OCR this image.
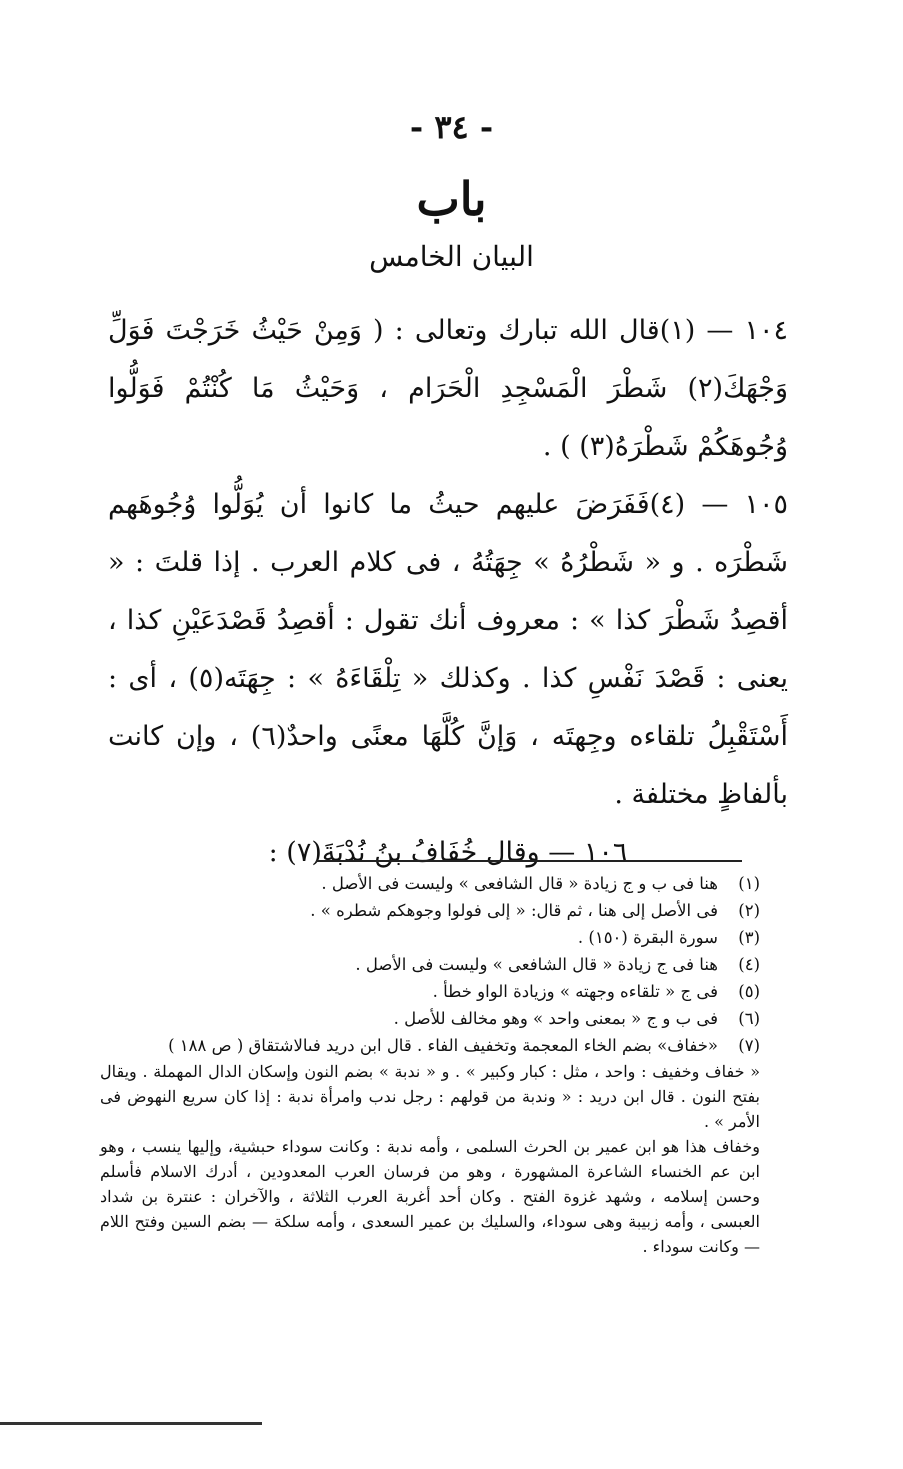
- ٣٤ -
باب
البيان الخامس

١٠٤ — (١)قال الله تبارك وتعالى : ( وَمِنْ حَيْثُ خَرَجْتَ فَوَلِّ وَجْهَكَ(٢) شَطْرَ الْمَسْجِدِ الْحَرَام ، وَحَيْثُ مَا كُنْتُمْ فَوَلُّوا وُجُوهَكُمْ شَطْرَهُ(٣) ) .

١٠٥ — (٤)فَفَرَضَ عليهم حيثُ ما كانوا أن يُوَلُّوا وُجُوهَهم شَطْرَه . و « شَطْرُهُ » جِهَتُهُ ، فى كلام العرب . إذا قلتَ : « أقصِدُ شَطْرَ كذا » : معروف أنك تقول : أقصِدُ قَصْدَعَيْنِ كذا ، يعنى : قَصْدَ نَفْسِ كذا . وكذلك « تِلْقَاءَهُ » : جِهَتَه(٥) ، أى : أَسْتَقْبِلُ تلقاءه وجِهتَه ، وَإنَّ كُلَّهَا معنًى واحدٌ(٦) ، وإن كانت بألفاظٍ مختلفة .

١٠٦ — وقال خُفَافُ بنُ نُدْبَةَ(٧) :

(١)
هنا فى ب و ج زيادة « قال الشافعى » وليست فى الأصل .
(٢)
فى الأصل إلى هنا ، ثم قال: « إلى فولوا وجوهكم شطره » .
(٣)
سورة البقرة (١٥٠) .
(٤)
هنا فى ج زيادة « قال الشافعى » وليست فى الأصل .
(٥)
فى ج « تلقاءه وجهته » وزيادة الواو خطأ .
(٦)
فى ب و ج « بمعنى واحد » وهو مخالف للأصل .
(٧)
«خفاف» بضم الخاء المعجمة وتخفيف الفاء . قال ابن دريد فىالاشتقاق ( ص ١٨٨ )
« خفاف وخفيف : واحد ، مثل : كبار وكبير » . و « ندبة » بضم النون وإسكان الدال المهملة . ويقال بفتح النون . قال ابن دريد : « وندبة من قولهم : رجل ندب وامرأة ندبة : إذا كان سريع النهوض فى الأمر » .
وخفاف هذا هو ابن عمير بن الحرث السلمى ، وأمه ندبة : وكانت سوداء حبشية، وإليها ينسب ، وهو ابن عم الخنساء الشاعرة المشهورة ، وهو من فرسان العرب المعدودين ، أدرك الاسلام فأسلم وحسن إسلامه ، وشهد غزوة الفتح . وكان أحد أغربة العرب الثلاثة ، والآخران : عنترة بن شداد العبسى ، وأمه زبيبة وهى سوداء، والسليك بن عمير السعدى ، وأمه سلكة — بضم السين وفتح اللام — وكانت سوداء .
